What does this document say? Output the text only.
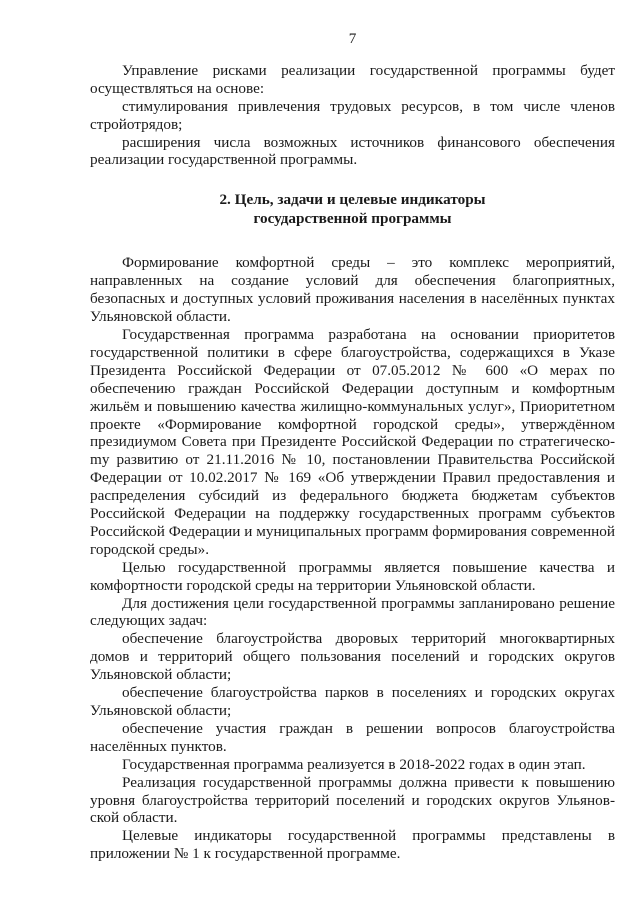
7

Управление рисками реализации государственной программы будет осуществляться на основе:

стимулирования привлечения трудовых ресурсов, в том числе членов стройотрядов;

расширения числа возможных источников финансового обеспечения реализации государственной программы.

2. Цель, задачи и целевые индикаторы
государственной программы

Формирование комфортной среды – это комплекс мероприятий, направленных на создание условий для обеспечения благоприятных, безопасных и доступных условий проживания населения в населённых пунктах Ульяновской области.

Государственная программа разработана на основании приоритетов государственной политики в сфере благоустройства, содержащихся в Указе Президента Российской Федерации от 07.05.2012 № 600 «О мерах по обеспечению граждан Российской Федерации доступным и комфортным жильём и повышению качества жилищно-коммунальных услуг», Приоритетном проекте «Формирование комфортной городской среды», утверждённом президиумом Совета при Президенте Российской Федерации по стратегическоmy развитию от 21.11.2016 № 10, постановлении Правительства Российской Федерации от 10.02.2017 № 169 «Об утверждении Правил предоставления и распределения субсидий из федерального бюджета бюджетам субъектов Российской Федерации на поддержку государственных программ субъектов Российской Федерации и муниципальных программ формирования современной городской среды».

Целью государственной программы является повышение качества и комфортности городской среды на территории Ульяновской области.

Для достижения цели государственной программы запланировано решение следующих задач:

обеспечение благоустройства дворовых территорий многоквартирных домов и территорий общего пользования поселений и городских округов Ульяновской области;

обеспечение благоустройства парков в поселениях и городских округах Ульяновской области;

обеспечение участия граждан в решении вопросов благоустройства населённых пунктов.

Государственная программа реализуется в 2018-2022 годах в один этап.

Реализация государственной программы должна привести к повышению уровня благоустройства территорий поселений и городских округов Ульяновской области.

Целевые индикаторы государственной программы представлены в приложении № 1 к государственной программе.
